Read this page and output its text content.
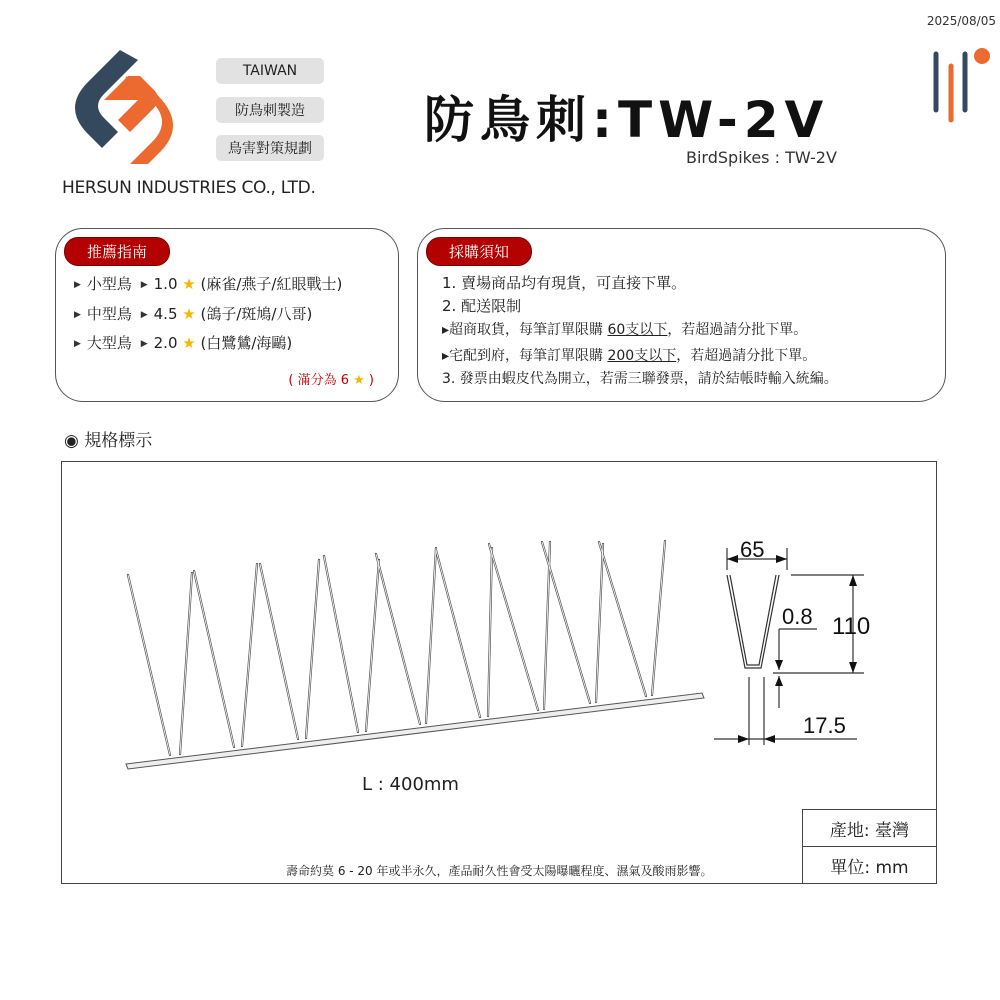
2025/08/05
TAIWAN
防鳥刺製造
鳥害對策規劃
HERSUN INDUSTRIES CO., LTD.
防鳥刺:TW-2V
BirdSpikes : TW-2V
推薦指南
▶ 小型鳥 ▶ 1.0 ★ (麻雀/燕子/紅眼戰士)
▶ 中型鳥 ▶ 4.5 ★ (鴿子/斑鳩/八哥)
▶ 大型鳥 ▶ 2.0 ★ (白鷺鷥/海鷗)
( 滿分為 6 ★ )
採購須知
1. 賣場商品均有現貨，可直接下單。
2. 配送限制
▸超商取貨，每筆訂單限購 60支以下，若超過請分批下單。
▸宅配到府，每筆訂單限購 200支以下，若超過請分批下單。
3. 發票由蝦皮代為開立，若需三聯發票，請於結帳時輸入統編。
◉ 規格標示
65
0.8 110
17.5
L : 400mm
壽命約莫 6 - 20 年或半永久，產品耐久性會受太陽曝曬程度、濕氣及酸雨影響。
產地: 臺灣
單位: mm
